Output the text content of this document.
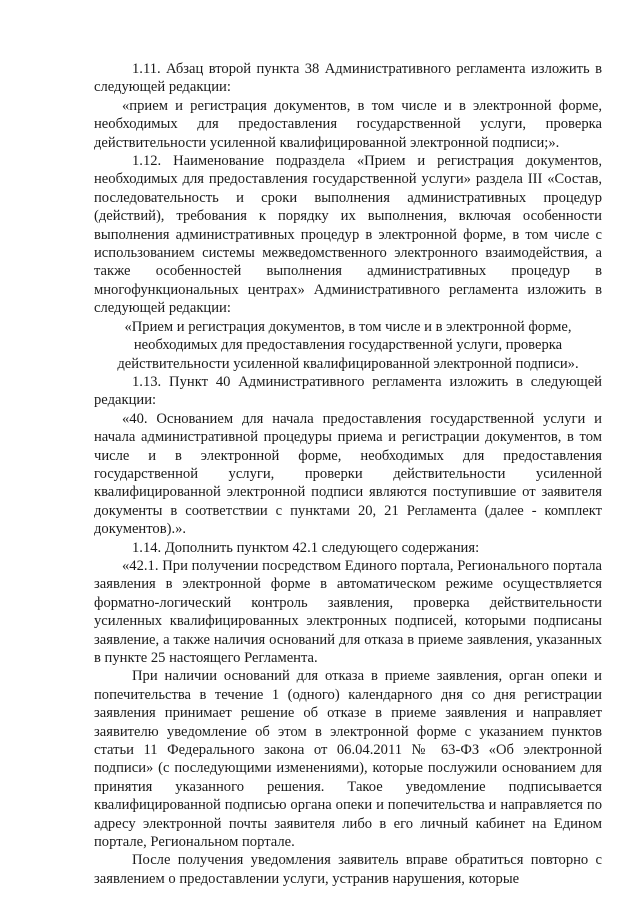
1.11. Абзац второй пункта 38 Административного регламента изложить в следующей редакции:

«прием и регистрация документов, в том числе и в электронной форме, необходимых для предоставления государственной услуги, проверка действительности усиленной квалифицированной электронной подписи;».

1.12. Наименование подраздела «Прием и регистрация документов, необходимых для предоставления государственной услуги» раздела III «Состав, последовательность и сроки выполнения административных процедур (действий), требования к порядку их выполнения, включая особенности выполнения административных процедур в электронной форме, в том числе с использованием системы межведомственного электронного взаимодействия, а также особенностей выполнения административных процедур в многофункциональных центрах» Административного регламента изложить в следующей редакции:

«Прием и регистрация документов, в том числе и в электронной форме, необходимых для предоставления государственной услуги, проверка действительности усиленной квалифицированной электронной подписи».

1.13. Пункт 40 Административного регламента изложить в следующей редакции:

«40. Основанием для начала предоставления государственной услуги и начала административной процедуры приема и регистрации документов, в том числе и в электронной форме, необходимых для предоставления государственной услуги, проверки действительности усиленной квалифицированной электронной подписи являются поступившие от заявителя документы в соответствии с пунктами 20, 21 Регламента (далее - комплект документов).».

1.14. Дополнить пунктом 42.1 следующего содержания:

«42.1. При получении посредством Единого портала, Регионального портала заявления в электронной форме в автоматическом режиме осуществляется форматно-логический контроль заявления, проверка действительности усиленных квалифицированных электронных подписей, которыми подписаны заявление, а также наличия оснований для отказа в приеме заявления, указанных в пункте 25 настоящего Регламента.

При наличии оснований для отказа в приеме заявления, орган опеки и попечительства в течение 1 (одного) календарного дня со дня регистрации заявления принимает решение об отказе в приеме заявления и направляет заявителю уведомление об этом в электронной форме с указанием пунктов статьи 11 Федерального закона от 06.04.2011 № 63-ФЗ «Об электронной подписи» (с последующими изменениями), которые послужили основанием для принятия указанного решения. Такое уведомление подписывается квалифицированной подписью органа опеки и попечительства и направляется по адресу электронной почты заявителя либо в его личный кабинет на Едином портале, Региональном портале.

После получения уведомления заявитель вправе обратиться повторно с заявлением о предоставлении услуги, устранив нарушения, которые
